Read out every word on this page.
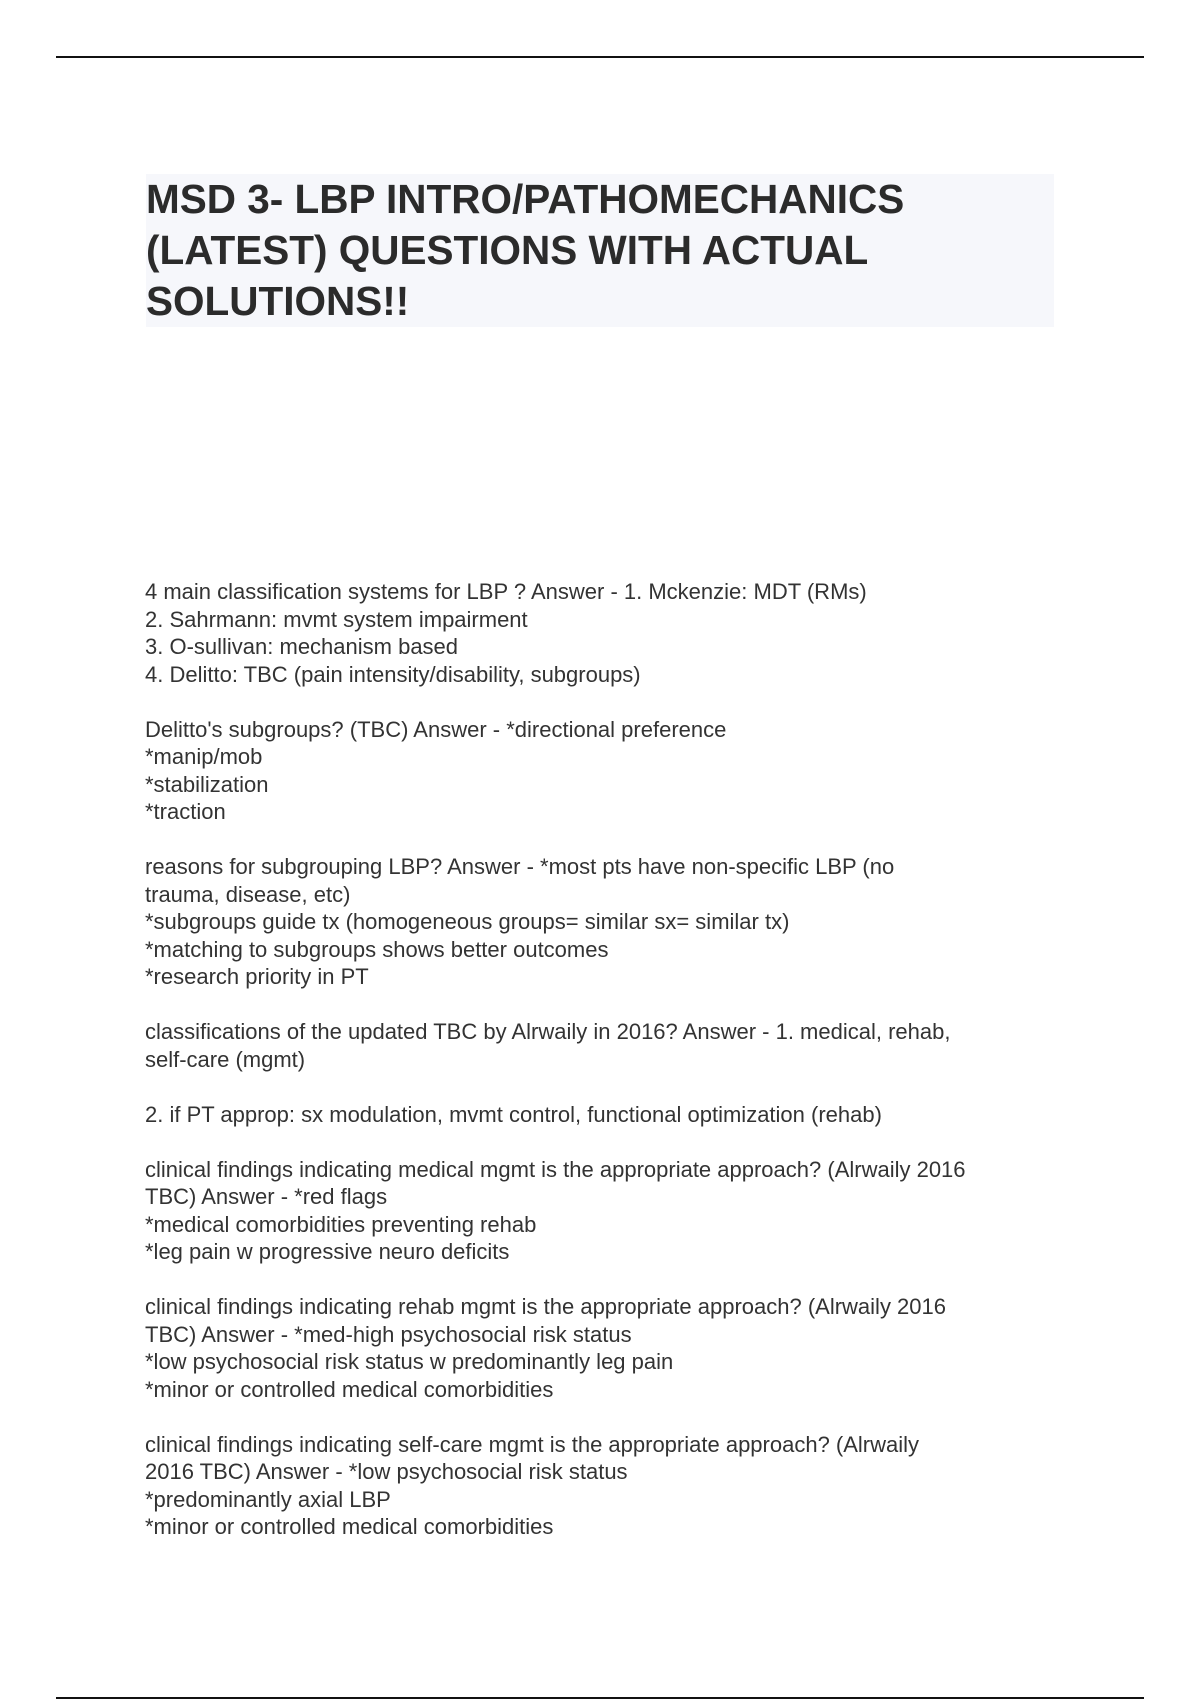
MSD 3- LBP INTRO/PATHOMECHANICS
(LATEST) QUESTIONS WITH ACTUAL
SOLUTIONS!!
4 main classification systems for LBP ? Answer - 1. Mckenzie: MDT (RMs)
2. Sahrmann: mvmt system impairment
3. O-sullivan: mechanism based
4. Delitto: TBC (pain intensity/disability, subgroups)
Delitto's subgroups? (TBC) Answer - *directional preference
*manip/mob
*stabilization
*traction
reasons for subgrouping LBP? Answer - *most pts have non-specific LBP (no
trauma, disease, etc)
*subgroups guide tx (homogeneous groups= similar sx= similar tx)
*matching to subgroups shows better outcomes
*research priority in PT
classifications of the updated TBC by Alrwaily in 2016? Answer - 1. medical, rehab,
self-care (mgmt)
2. if PT approp: sx modulation, mvmt control, functional optimization (rehab)
clinical findings indicating medical mgmt is the appropriate approach? (Alrwaily 2016
TBC) Answer - *red flags
*medical comorbidities preventing rehab
*leg pain w progressive neuro deficits
clinical findings indicating rehab mgmt is the appropriate approach? (Alrwaily 2016
TBC) Answer - *med-high psychosocial risk status
*low psychosocial risk status w predominantly leg pain
*minor or controlled medical comorbidities
clinical findings indicating self-care mgmt is the appropriate approach? (Alrwaily
2016 TBC) Answer - *low psychosocial risk status
*predominantly axial LBP
*minor or controlled medical comorbidities
